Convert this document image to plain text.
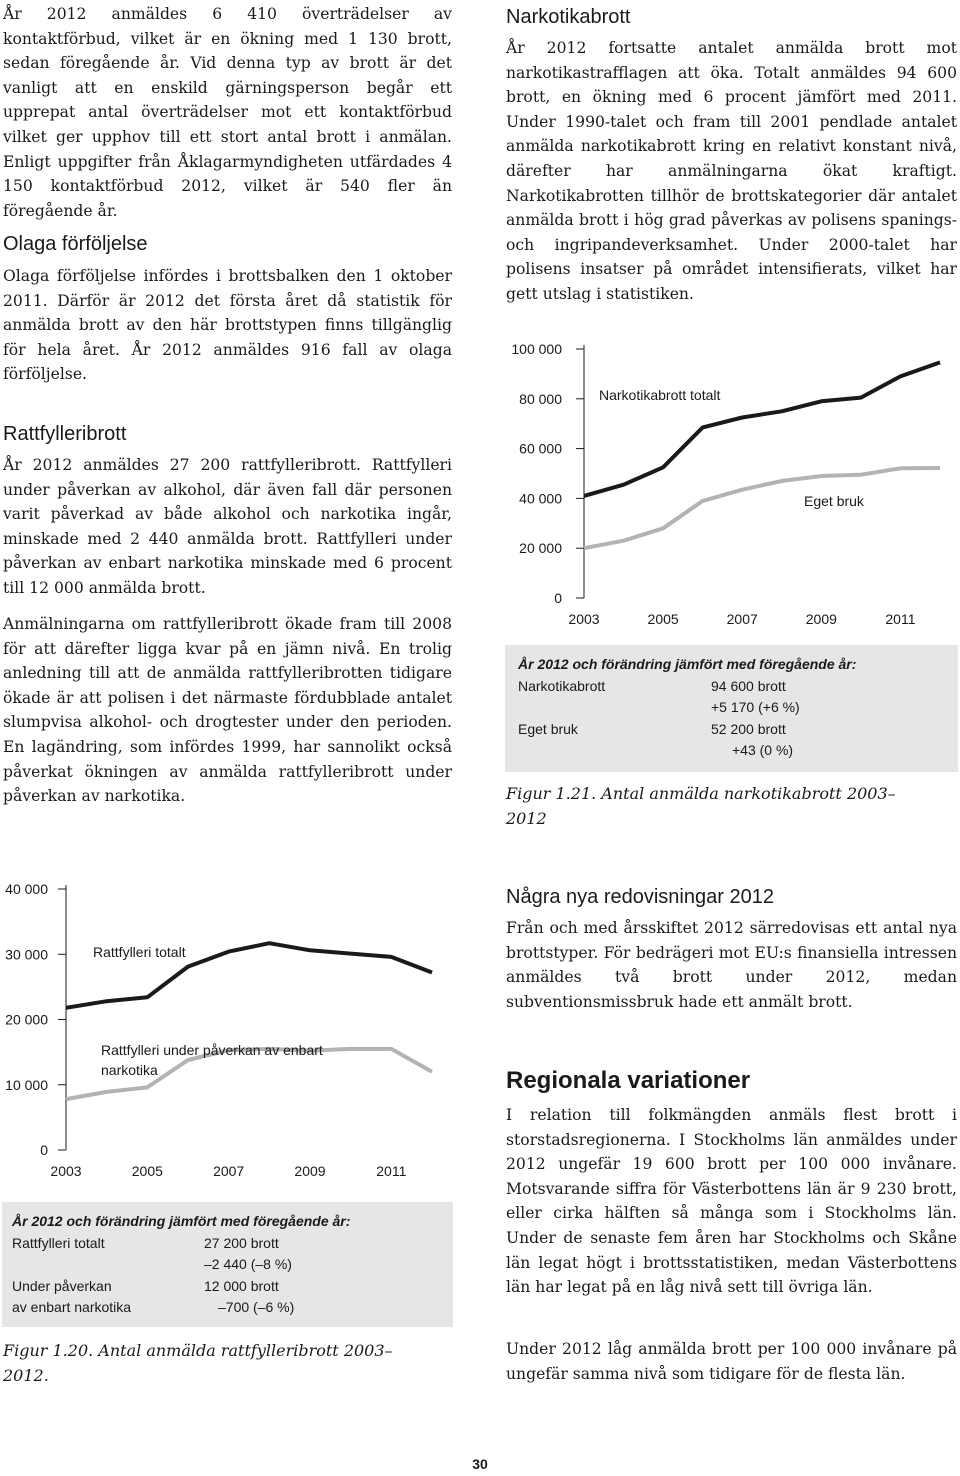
År 2012 anmäldes 6 410 överträdelser av kontaktförbud, vilket är en ökning med 1 130 brott, sedan föregående år. Vid denna typ av brott är det vanligt att en enskild gärningsperson begår ett upprepat antal överträdelser mot ett kontaktförbud vilket ger upphov till ett stort antal brott i anmälan. Enligt uppgifter från Åklagarmyndigheten utfärdades 4 150 kontaktförbud 2012, vilket är 540 fler än föregående år.

Olaga förföljelse

Olaga förföljelse infördes i brottsbalken den 1 oktober 2011. Därför är 2012 det första året då statistik för anmälda brott av den här brottstypen finns tillgänglig för hela året. År 2012 anmäldes 916 fall av olaga förföljelse.

Rattfylleribrott

År 2012 anmäldes 27 200 rattfylleribrott. Rattfylleri under påverkan av alkohol, där även fall där personen varit påverkad av både alkohol och narkotika ingår, minskade med 2 440 anmälda brott. Rattfylleri under påverkan av enbart narkotika minskade med 6 procent till 12 000 anmälda brott.

Anmälningarna om rattfylleribrott ökade fram till 2008 för att därefter ligga kvar på en jämn nivå. En trolig anledning till att de anmälda rattfylleribrotten tidigare ökade är att polisen i det närmaste fördubblade antalet slumpvisa alkohol- och drogtester under den perioden. En lagändring, som infördes 1999, har sannolikt också påverkat ökningen av anmälda rattfylleribrott under påverkan av narkotika.

Narkotikabrott

År 2012 fortsatte antalet anmälda brott mot narkotikastrafflagen att öka. Totalt anmäldes 94 600 brott, en ökning med 6 procent jämfört med 2011. Under 1990-talet och fram till 2001 pendlade antalet anmälda narkotikabrott kring en relativt konstant nivå, därefter har anmälningarna ökat kraftigt. Narkotikabrotten tillhör de brottskategorier där antalet anmälda brott i hög grad påverkas av polisens spanings- och ingripandeverksamhet. Under 2000-talet har polisens insatser på området intensifierats, vilket har gett utslag i statistiken.

0
20 000
40 000
60 000
80 000
100 000
2003	2005	2007	2009	2011
Narkotikabrott totalt
Eget bruk
År 2012 och förändring jämfört med föregående år:
Narkotikabrott	94 600 brott
+5 170 (+6 %)
Eget bruk	52 200 brott
+43 (0 %)

Figur 1.21. Antal anmälda narkotikabrott 2003–2012

0
10 000
20 000
30 000
40 000
2003	2005	2007	2009	2011
Rattfylleri totalt
Rattfylleri under påverkan av enbart narkotika
År 2012 och förändring jämfört med föregående år:
Rattfylleri totalt	27 200 brott
–2 440 (–8 %)
Under påverkan	12 000 brott
av enbart narkotika	–700 (–6 %)

Figur 1.20. Antal anmälda rattfylleribrott 2003–2012.

Några nya redovisningar 2012

Från och med årsskiftet 2012 särredovisas ett antal nya brottstyper. För bedrägeri mot EU:s finansiella intressen anmäldes två brott under 2012, medan subventionsmissbruk hade ett anmält brott.

Regionala variationer

I relation till folkmängden anmäls flest brott i storstadsregionerna. I Stockholms län anmäldes under 2012 ungefär 19 600 brott per 100 000 invånare. Motsvarande siffra för Västerbottens län är 9 230 brott, eller cirka hälften så många som i Stockholms län. Under de senaste fem åren har Stockholms och Skåne län legat högt i brottsstatistiken, medan Västerbottens län har legat på en låg nivå sett till övriga län.

Under 2012 låg anmälda brott per 100 000 invånare på ungefär samma nivå som tidigare för de flesta län.

30
